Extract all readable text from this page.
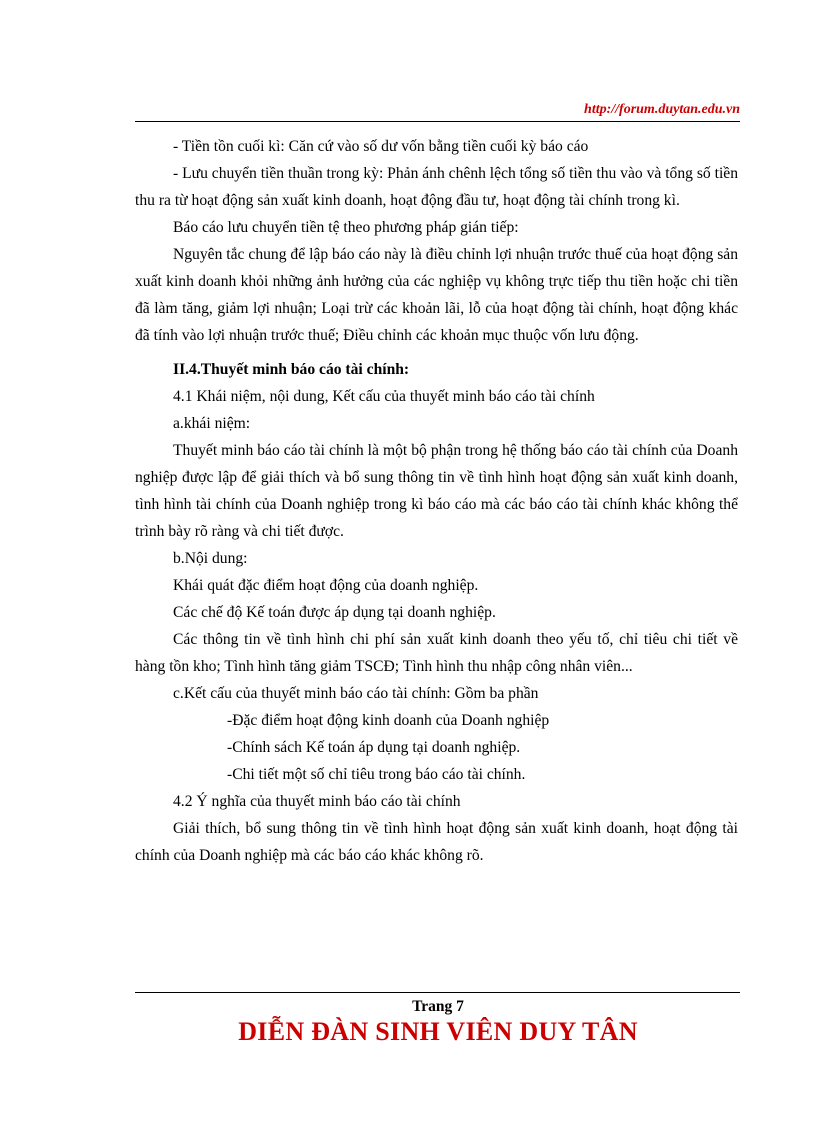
http://forum.duytan.edu.vn

- Tiền tồn cuối kì: Căn cứ vào số dư vốn bằng tiền cuối kỳ báo cáo

- Lưu chuyển tiền thuần trong kỳ: Phản ánh chênh lệch tổng số tiền thu vào và tổng số tiền thu ra từ hoạt động sản xuất kinh doanh, hoạt động đầu tư, hoạt động tài chính trong kì.

Báo cáo lưu chuyển tiền tệ theo phương pháp gián tiếp:

Nguyên tắc chung để lập báo cáo này là điều chỉnh lợi nhuận trước thuế của hoạt động sản xuất kinh doanh khỏi những ảnh hưởng của các nghiệp vụ không trực tiếp thu tiền hoặc chi tiền đã làm tăng, giảm lợi nhuận; Loại trừ các khoản lãi, lỗ của hoạt động tài chính, hoạt động khác đã tính vào lợi nhuận trước thuế; Điều chỉnh các khoản mục thuộc vốn lưu động.

II.4.Thuyết minh báo cáo tài chính:

4.1 Khái niệm, nội dung, Kết cấu của thuyết minh báo cáo tài chính

a.khái niệm:

Thuyết minh báo cáo tài chính là một bộ phận trong hệ thống báo cáo tài chính của Doanh nghiệp được lập để giải thích và bổ sung thông tin về tình hình hoạt động sản xuất kinh doanh, tình hình tài chính của Doanh nghiệp trong kì báo cáo mà các báo cáo tài chính khác không thể trình bày rõ ràng và chi tiết được.

b.Nội dung:

Khái quát đặc điểm hoạt động của doanh nghiệp.

Các chế độ Kế toán được áp dụng tại doanh nghiệp.

Các thông tin về tình hình chi phí sản xuất kinh doanh theo yếu tố, chỉ tiêu chi tiết về hàng tồn kho; Tình hình tăng giảm TSCĐ; Tình hình thu nhập công nhân viên...

c.Kết cấu của thuyết minh báo cáo tài chính: Gồm ba phần

-Đặc điểm hoạt động kinh doanh của Doanh nghiệp

-Chính sách Kế toán áp dụng tại doanh nghiệp.

-Chi tiết một số chỉ tiêu trong báo cáo tài chính.

4.2 Ý nghĩa của thuyết minh báo cáo tài chính

Giải thích, bổ sung thông tin về tình hình hoạt động sản xuất kinh doanh, hoạt động tài chính của Doanh nghiệp mà các báo cáo khác không rõ.

Trang 7
DIỄN ĐÀN SINH VIÊN DUY TÂN
